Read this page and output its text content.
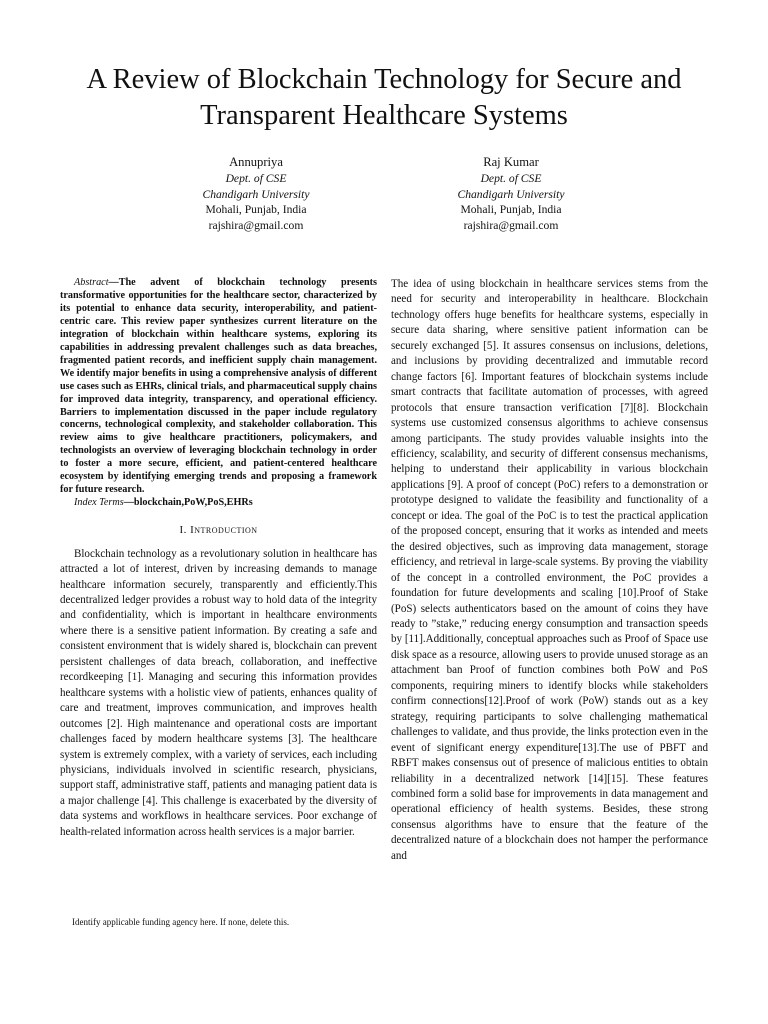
A Review of Blockchain Technology for Secure and Transparent Healthcare Systems
Annupriya
Dept. of CSE
Chandigarh University
Mohali, Punjab, India
rajshira@gmail.com
Raj Kumar
Dept. of CSE
Chandigarh University
Mohali, Punjab, India
rajshira@gmail.com

Abstract—The advent of blockchain technology presents transformative opportunities for the healthcare sector, characterized by its potential to enhance data security, interoperability, and patient-centric care. This review paper synthesizes current literature on the integration of blockchain within healthcare systems, exploring its capabilities in addressing prevalent challenges such as data breaches, fragmented patient records, and inefficient supply chain management. We identify major benefits in using a comprehensive analysis of different use cases such as EHRs, clinical trials, and pharmaceutical supply chains for improved data integrity, transparency, and operational efficiency. Barriers to implementation discussed in the paper include regulatory concerns, technological complexity, and stakeholder collaboration. This review aims to give healthcare practitioners, policymakers, and technologists an overview of leveraging blockchain technology in order to foster a more secure, efficient, and patient-centered healthcare ecosystem by identifying emerging trends and proposing a framework for future research.

Index Terms—blockchain,PoW,PoS,EHRs

I. Introduction

Blockchain technology as a revolutionary solution in healthcare has attracted a lot of interest, driven by increasing demands to manage healthcare information securely, transparently and efficiently.This decentralized ledger provides a robust way to hold data of the integrity and confidentiality, which is important in healthcare environments where there is a sensitive patient information. By creating a safe and consistent environment that is widely shared is, blockchain can prevent persistent challenges of data breach, collaboration, and ineffective recordkeeping [1]. Managing and securing this information provides healthcare systems with a holistic view of patients, enhances quality of care and treatment, improves communication, and improves health outcomes [2]. High maintenance and operational costs are important challenges faced by modern healthcare systems [3]. The healthcare system is extremely complex, with a variety of services, each including physicians, individuals involved in scientific research, physicians, support staff, administrative staff, patients and managing patient data is a major challenge [4]. This challenge is exacerbated by the diversity of data systems and workflows in healthcare services. Poor exchange of health-related information across health services is a major barrier.

Identify applicable funding agency here. If none, delete this.

The idea of using blockchain in healthcare services stems from the need for security and interoperability in healthcare. Blockchain technology offers huge benefits for healthcare systems, especially in secure data sharing, where sensitive patient information can be securely exchanged [5]. It assures consensus on inclusions, deletions, and inclusions by providing decentralized and immutable record change factors [6]. Important features of blockchain systems include smart contracts that facilitate automation of processes, with agreed protocols that ensure transaction verification [7][8]. Blockchain systems use customized consensus algorithms to achieve consensus among participants. The study provides valuable insights into the efficiency, scalability, and security of different consensus mechanisms, helping to understand their applicability in various blockchain applications [9]. A proof of concept (PoC) refers to a demonstration or prototype designed to validate the feasibility and functionality of a concept or idea. The goal of the PoC is to test the practical application of the proposed concept, ensuring that it works as intended and meets the desired objectives, such as improving data management, storage efficiency, and retrieval in large-scale systems. By proving the viability of the concept in a controlled environment, the PoC provides a foundation for future developments and scaling [10].Proof of Stake (PoS) selects authenticators based on the amount of coins they have ready to ”stake,” reducing energy consumption and transaction speeds by [11].Additionally, conceptual approaches such as Proof of Space use disk space as a resource, allowing users to provide unused storage as an attachment ban Proof of function combines both PoW and PoS components, requiring miners to identify blocks while stakeholders confirm connections[12].Proof of work (PoW) stands out as a key strategy, requiring participants to solve challenging mathematical challenges to validate, and thus provide, the links protection even in the event of significant energy expenditure[13].The use of PBFT and RBFT makes consensus out of presence of malicious entities to obtain reliability in a decentralized network [14][15]. These features combined form a solid base for improvements in data management and operational efficiency of health systems. Besides, these strong consensus algorithms have to ensure that the feature of the decentralized nature of a blockchain does not hamper the performance and
